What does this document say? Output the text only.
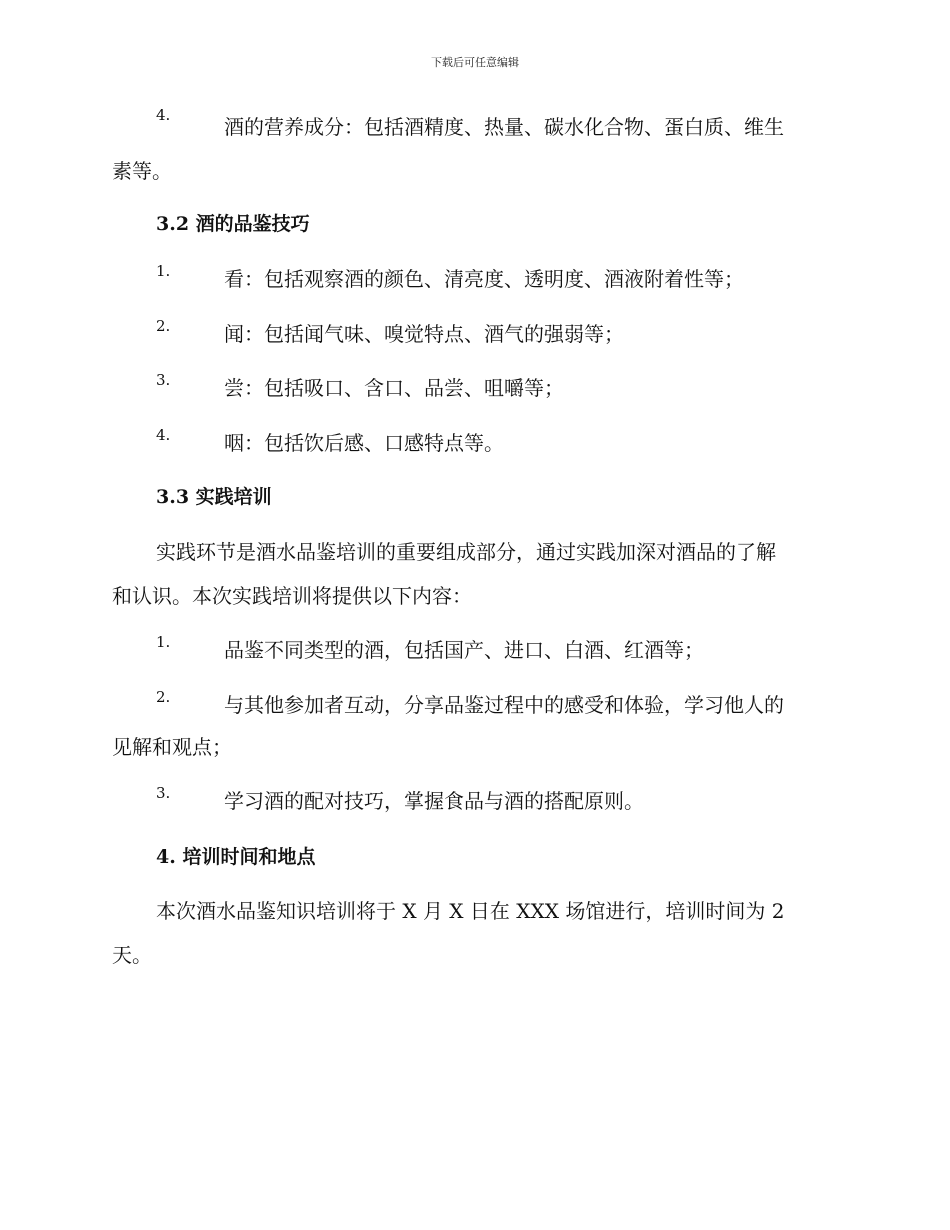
下载后可任意编辑
4.	酒的营养成分：包括酒精度、热量、碳水化合物、蛋白质、维生
素等。
3.2 酒的品鉴技巧
1.	看：包括观察酒的颜色、清亮度、透明度、酒液附着性等；
2.	闻：包括闻气味、嗅觉特点、酒气的强弱等；
3.	尝：包括吸口、含口、品尝、咀嚼等；
4.	咽：包括饮后感、口感特点等。
3.3 实践培训
实践环节是酒水品鉴培训的重要组成部分，通过实践加深对酒品的了解
和认识。本次实践培训将提供以下内容：
1.	品鉴不同类型的酒，包括国产、进口、白酒、红酒等；
2.	与其他参加者互动，分享品鉴过程中的感受和体验，学习他人的
见解和观点；
3.	学习酒的配对技巧，掌握食品与酒的搭配原则。
4. 培训时间和地点
本次酒水品鉴知识培训将于 X 月 X 日在 XXX 场馆进行，培训时间为 2
天。
